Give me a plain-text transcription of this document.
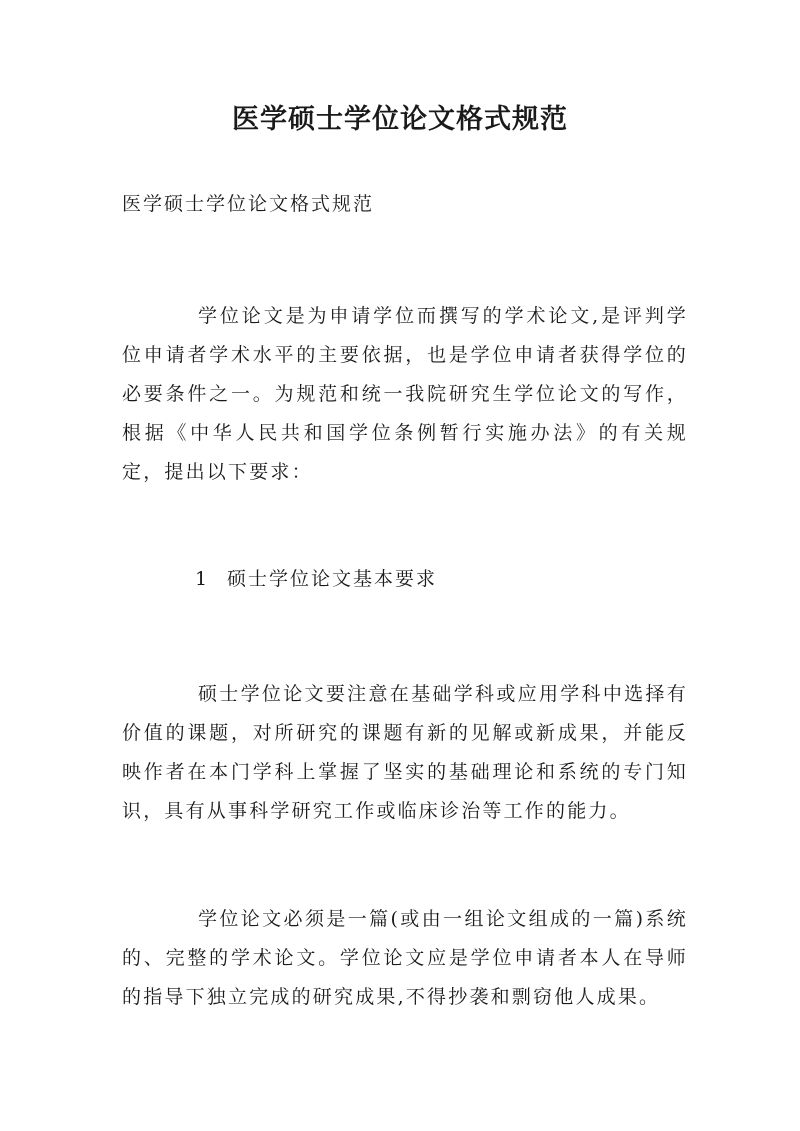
医学硕士学位论文格式规范
医学硕士学位论文格式规范

学位论文是为申请学位而撰写的学术论文,是评判学位申请者学术水平的主要依据，也是学位申请者获得学位的必要条件之一。为规范和统一我院研究生学位论文的写作，根据《中华人民共和国学位条例暂行实施办法》的有关规定，提出以下要求：

1 硕士学位论文基本要求

硕士学位论文要注意在基础学科或应用学科中选择有价值的课题，对所研究的课题有新的见解或新成果，并能反映作者在本门学科上掌握了坚实的基础理论和系统的专门知识，具有从事科学研究工作或临床诊治等工作的能力。

学位论文必须是一篇(或由一组论文组成的一篇)系统的、完整的学术论文。学位论文应是学位申请者本人在导师的指导下独立完成的研究成果,不得抄袭和剽窃他人成果。
